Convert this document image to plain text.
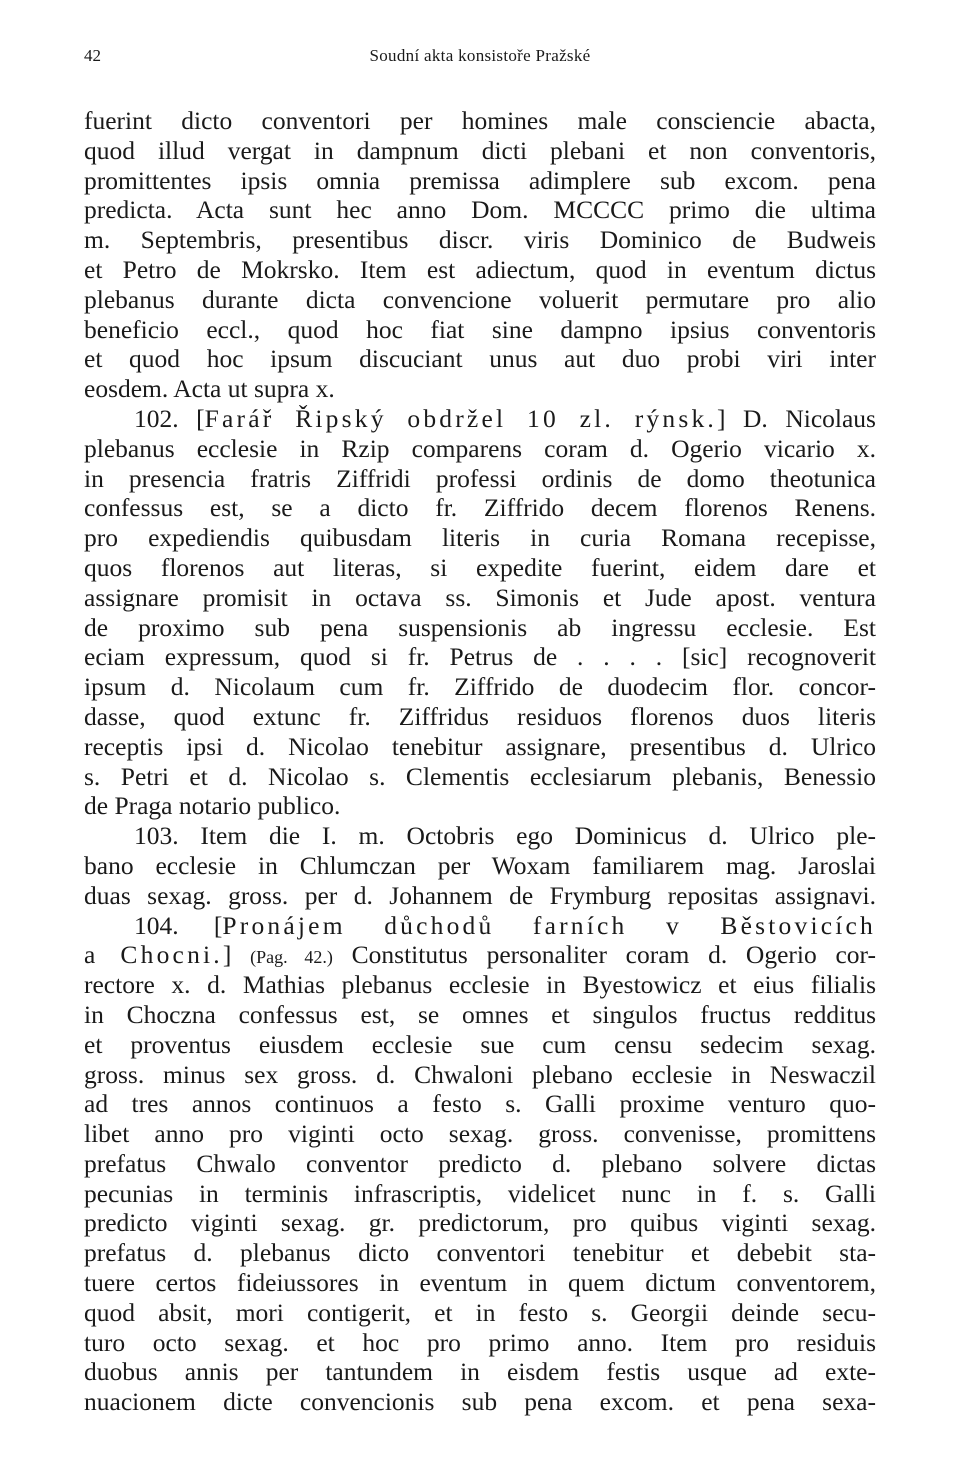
42	Soudní akta konsistoře Pražské
fuerint dicto conventori per homines male consciencie abacta,
quod illud vergat in dampnum dicti plebani et non conventoris,
promittentes ipsis omnia premissa adimplere sub excom. pena
predicta. Acta sunt hec anno Dom. MCCCC primo die ultima
m. Septembris, presentibus discr. viris Dominico de Budweis
et Petro de Mokrsko. Item est adiectum, quod in eventum dictus
plebanus durante dicta convencione voluerit permutare pro alio
beneficio eccl., quod hoc fiat sine dampno ipsius conventoris
et quod hoc ipsum discuciant unus aut duo probi viri inter
eosdem. Acta ut supra x.
102. [Farář Řipský obdržel 10 zl. rýnsk.] D. Nicolaus
plebanus ecclesie in Rzip comparens coram d. Ogerio vicario x.
in presencia fratris Ziffridi professi ordinis de domo theotunica
confessus est, se a dicto fr. Ziffrido decem florenos Renens.
pro expediendis quibusdam literis in curia Romana recepisse,
quos florenos aut literas, si expedite fuerint, eidem dare et
assignare promisit in octava ss. Simonis et Jude apost. ventura
de proximo sub pena suspensionis ab ingressu ecclesie. Est
eciam expressum, quod si fr. Petrus de . . . . [sic] recognoverit
ipsum d. Nicolaum cum fr. Ziffrido de duodecim flor. concor-
dasse, quod extunc fr. Ziffridus residuos florenos duos literis
receptis ipsi d. Nicolao tenebitur assignare, presentibus d. Ulrico
s. Petri et d. Nicolao s. Clementis ecclesiarum plebanis, Benessio
de Praga notario publico.
103. Item die I. m. Octobris ego Dominicus d. Ulrico ple-
bano ecclesie in Chlumczan per Woxam familiarem mag. Jaroslai
duas sexag. gross. per d. Johannem de Frymburg repositas assignavi.
104. [Pronájem důchodů farních v Běstovicích
a Chocni.] (Pag. 42.) Constitutus personaliter coram d. Ogerio cor-
rectore x. d. Mathias plebanus ecclesie in Byestowicz et eius filialis
in Choczna confessus est, se omnes et singulos fructus redditus
et proventus eiusdem ecclesie sue cum censu sedecim sexag.
gross. minus sex gross. d. Chwaloni plebano ecclesie in Neswaczil
ad tres annos continuos a festo s. Galli proxime venturo quo-
libet anno pro viginti octo sexag. gross. convenisse, promittens
prefatus Chwalo conventor predicto d. plebano solvere dictas
pecunias in terminis infrascriptis, videlicet nunc in f. s. Galli
predicto viginti sexag. gr. predictorum, pro quibus viginti sexag.
prefatus d. plebanus dicto conventori tenebitur et debebit sta-
tuere certos fideiussores in eventum in quem dictum conventorem,
quod absit, mori contigerit, et in festo s. Georgii deinde secu-
turo octo sexag. et hoc pro primo anno. Item pro residuis
duobus annis per tantundem in eisdem festis usque ad exte-
nuacionem dicte convencionis sub pena excom. et pena sexa-
